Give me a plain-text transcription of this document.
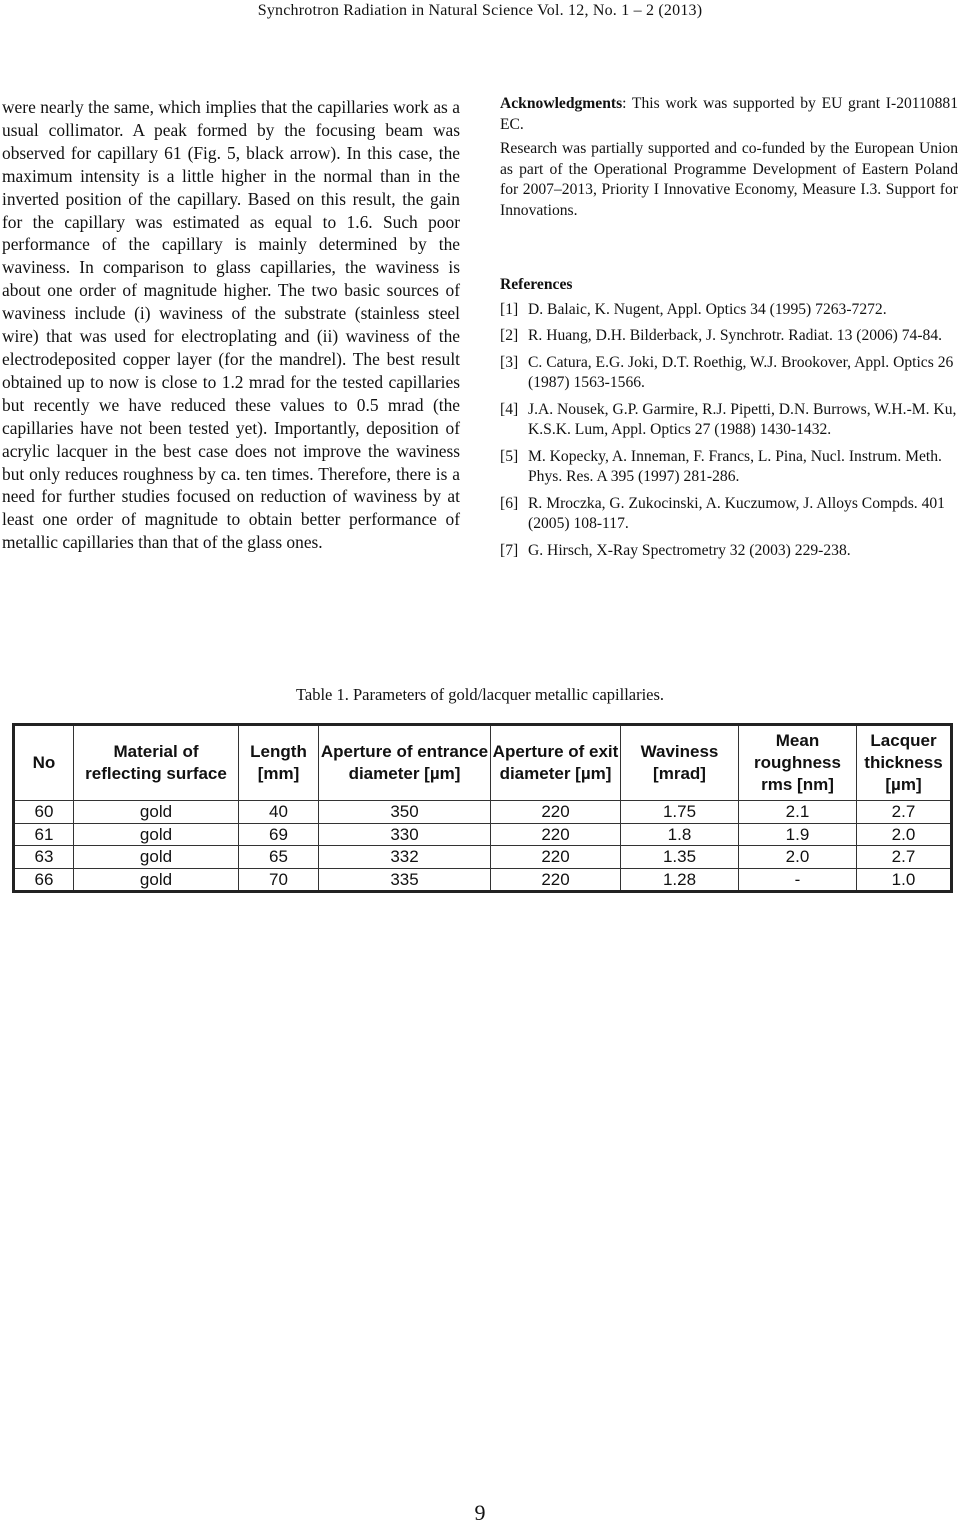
Synchrotron Radiation in Natural Science Vol. 12, No. 1 – 2 (2013)

were nearly the same, which implies that the capillaries work as a usual collimator. A peak formed by the focusing beam was observed for capillary 61 (Fig. 5, black arrow). In this case, the maximum intensity is a little higher in the normal than in the inverted position of the capillary. Based on this result, the gain for the capillary was estimated as equal to 1.6. Such poor performance of the capillary is mainly determined by the waviness. In comparison to glass capillaries, the waviness is about one order of magnitude higher. The two basic sources of waviness include (i) waviness of the substrate (stainless steel wire) that was used for electroplating and (ii) waviness of the electrodeposited copper layer (for the mandrel). The best result obtained up to now is close to 1.2 mrad for the tested capillaries but recently we have reduced these values to 0.5 mrad (the capillaries have not been tested yet). Importantly, deposition of acrylic lacquer in the best case does not improve the waviness but only reduces roughness by ca. ten times. Therefore, there is a need for further studies focused on reduction of waviness by at least one order of magnitude to obtain better performance of metallic capillaries than that of the glass ones.

Acknowledgments: This work was supported by EU grant I-20110881 EC.

Research was partially supported and co-funded by the European Union as part of the Operational Programme Development of Eastern Poland for 2007–2013, Priority I Innovative Economy, Measure I.3. Support for Innovations.

References
[1] D. Balaic, K. Nugent, Appl. Optics 34 (1995) 7263-7272.
[2] R. Huang, D.H. Bilderback, J. Synchrotr. Radiat. 13 (2006) 74-84.
[3] C. Catura, E.G. Joki, D.T. Roethig, W.J. Brookover, Appl. Optics 26 (1987) 1563-1566.
[4] J.A. Nousek, G.P. Garmire, R.J. Pipetti, D.N. Burrows, W.H.-M. Ku, K.S.K. Lum, Appl. Optics 27 (1988) 1430-1432.
[5] M. Kopecky, A. Inneman, F. Francs, L. Pina, Nucl. Instrum. Meth. Phys. Res. A 395 (1997) 281-286.
[6] R. Mroczka, G. Zukocinski, A. Kuczumow, J. Alloys Compds. 401 (2005) 108-117.
[7] G. Hirsch, X-Ray Spectrometry 32 (2003) 229-238.
Table 1. Parameters of gold/lacquer metallic capillaries.
No	Material of reflecting surface	Length [mm]	Aperture of entrance diameter [µm]	Aperture of exit diameter [µm]	Waviness [mrad]	Mean roughness rms [nm]	Lacquer thickness [µm]
60	gold	40	350	220	1.75	2.1	2.7
61	gold	69	330	220	1.8	1.9	2.0
63	gold	65	332	220	1.35	2.0	2.7
66	gold	70	335	220	1.28	-	1.0
9
